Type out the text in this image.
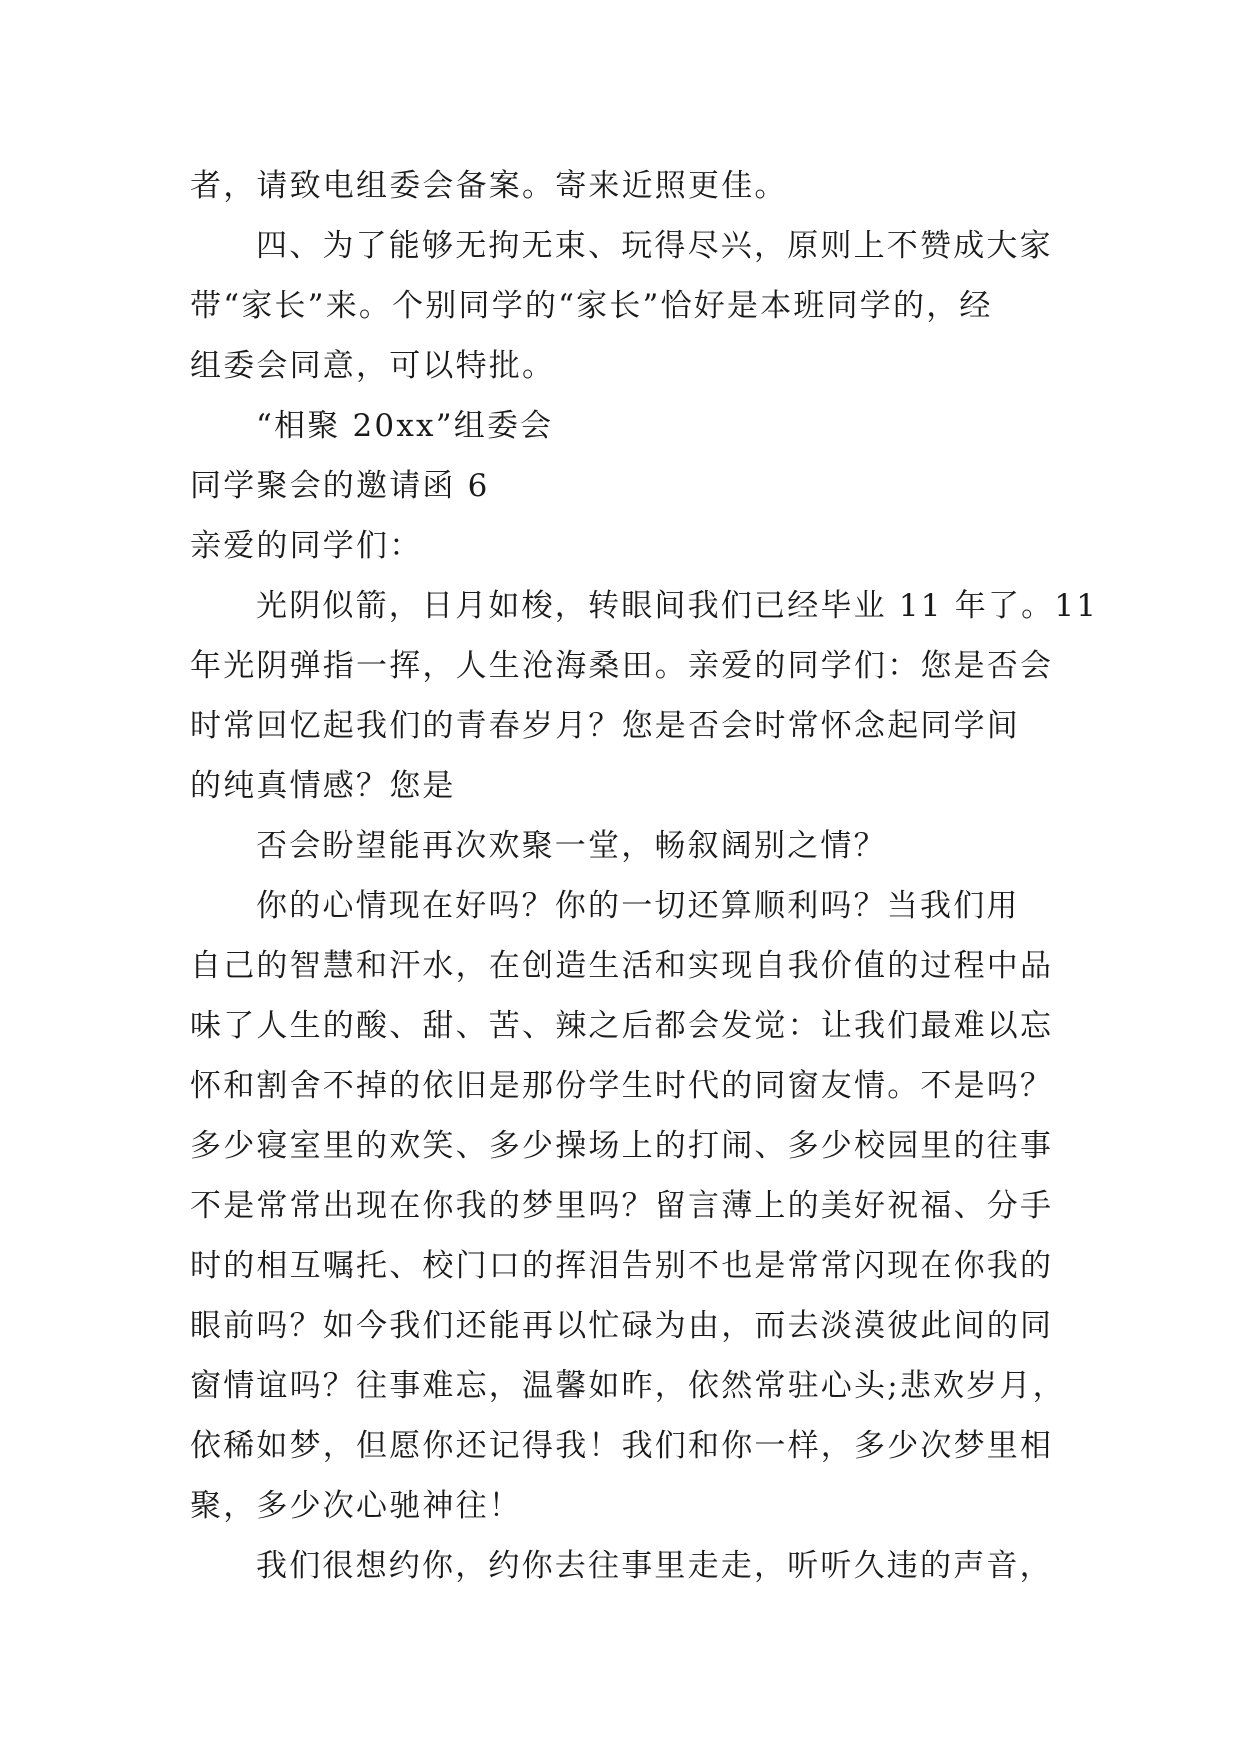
者，请致电组委会备案。寄来近照更佳。
四、为了能够无拘无束、玩得尽兴，原则上不赞成大家
带“家长”来。个别同学的“家长”恰好是本班同学的，经
组委会同意，可以特批。
“相聚 20xx”组委会
同学聚会的邀请函 6
亲爱的同学们：
光阴似箭，日月如梭，转眼间我们已经毕业 11 年了。11
年光阴弹指一挥，人生沧海桑田。亲爱的同学们：您是否会
时常回忆起我们的青春岁月？您是否会时常怀念起同学间
的纯真情感？您是
否会盼望能再次欢聚一堂，畅叙阔别之情？
你的心情现在好吗？你的一切还算顺利吗？当我们用
自己的智慧和汗水，在创造生活和实现自我价值的过程中品
味了人生的酸、甜、苦、辣之后都会发觉：让我们最难以忘
怀和割舍不掉的依旧是那份学生时代的同窗友情。不是吗？
多少寝室里的欢笑、多少操场上的打闹、多少校园里的往事
不是常常出现在你我的梦里吗？留言薄上的美好祝福、分手
时的相互嘱托、校门口的挥泪告别不也是常常闪现在你我的
眼前吗？如今我们还能再以忙碌为由，而去淡漠彼此间的同
窗情谊吗？往事难忘，温馨如昨，依然常驻心头;悲欢岁月，
依稀如梦，但愿你还记得我！我们和你一样，多少次梦里相
聚，多少次心驰神往！
我们很想约你，约你去往事里走走，听听久违的声音，
